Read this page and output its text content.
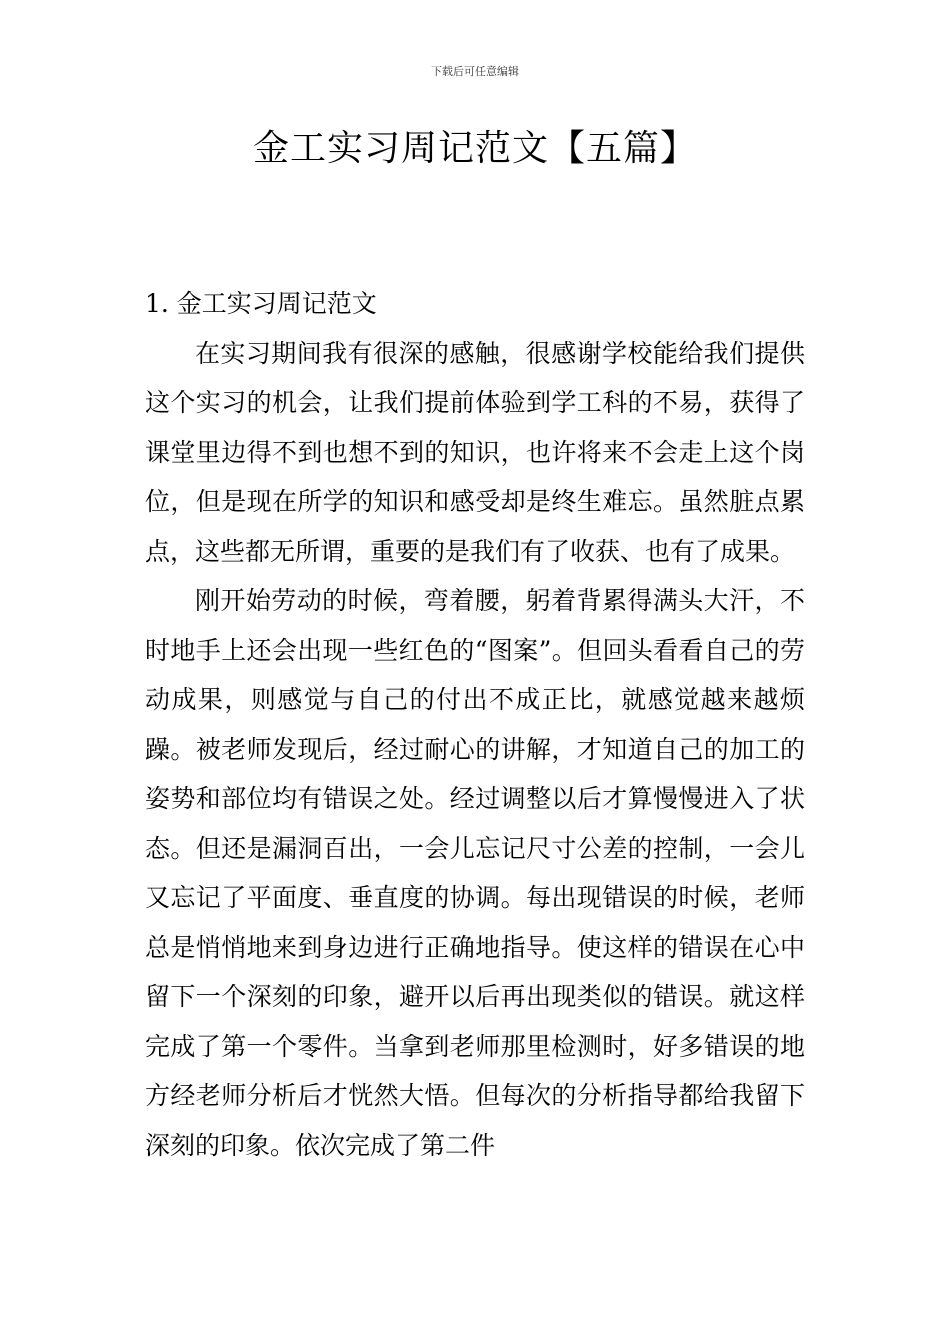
下载后可任意编辑
金工实习周记范文【五篇】
1. 金工实习周记范文

在实习期间我有很深的感触，很感谢学校能给我们提供这个实习的机会，让我们提前体验到学工科的不易，获得了课堂里边得不到也想不到的知识，也许将来不会走上这个岗位，但是现在所学的知识和感受却是终生难忘。虽然脏点累点，这些都无所谓，重要的是我们有了收获、也有了成果。

刚开始劳动的时候，弯着腰，躬着背累得满头大汗，不时地手上还会出现一些红色的“图案”。但回头看看自己的劳动成果，则感觉与自己的付出不成正比，就感觉越来越烦躁。被老师发现后，经过耐心的讲解，才知道自己的加工的姿势和部位均有错误之处。经过调整以后才算慢慢进入了状态。但还是漏洞百出，一会儿忘记尺寸公差的控制，一会儿又忘记了平面度、垂直度的协调。每出现错误的时候，老师总是悄悄地来到身边进行正确地指导。使这样的错误在心中留下一个深刻的印象，避开以后再出现类似的错误。就这样完成了第一个零件。当拿到老师那里检测时，好多错误的地方经老师分析后才恍然大悟。但每次的分析指导都给我留下深刻的印象。依次完成了第二件
